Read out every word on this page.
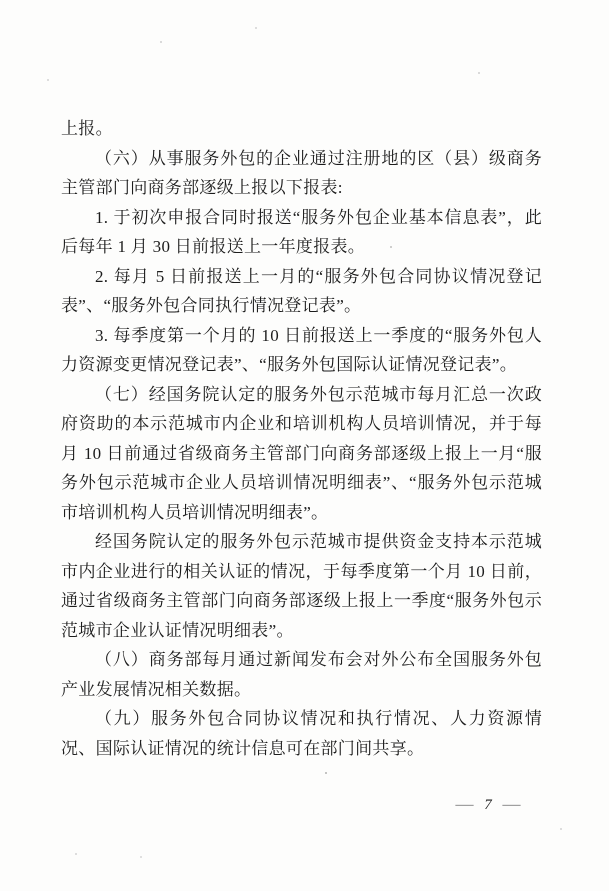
上报。

（六）从事服务外包的企业通过注册地的区（县）级商务主管部门向商务部逐级上报以下报表:

1. 于初次申报合同时报送“服务外包企业基本信息表”，此后每年 1 月 30 日前报送上一年度报表。

2. 每月 5 日前报送上一月的“服务外包合同协议情况登记表”、“服务外包合同执行情况登记表”。

3. 每季度第一个月的 10 日前报送上一季度的“服务外包人力资源变更情况登记表”、“服务外包国际认证情况登记表”。

（七）经国务院认定的服务外包示范城市每月汇总一次政府资助的本示范城市内企业和培训机构人员培训情况，并于每月 10 日前通过省级商务主管部门向商务部逐级上报上一月“服务外包示范城市企业人员培训情况明细表”、“服务外包示范城市培训机构人员培训情况明细表”。

经国务院认定的服务外包示范城市提供资金支持本示范城市内企业进行的相关认证的情况，于每季度第一个月 10 日前，通过省级商务主管部门向商务部逐级上报上一季度“服务外包示范城市企业认证情况明细表”。

（八）商务部每月通过新闻发布会对外公布全国服务外包产业发展情况相关数据。

（九）服务外包合同协议情况和执行情况、人力资源情况、国际认证情况的统计信息可在部门间共享。

— 7 —
